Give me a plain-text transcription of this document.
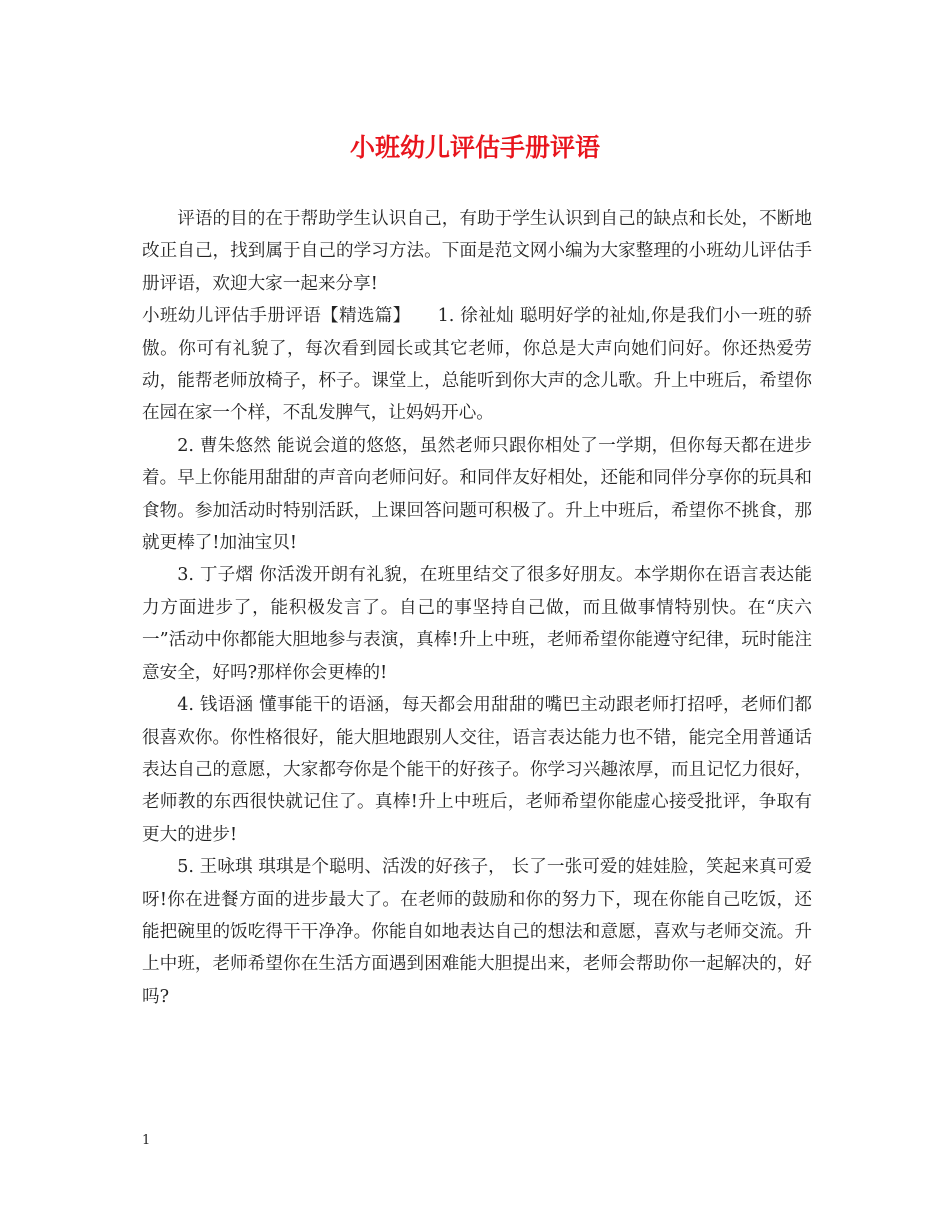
小班幼儿评估手册评语

评语的目的在于帮助学生认识自己，有助于学生认识到自己的缺点和长处，不断地改正自己，找到属于自己的学习方法。下面是范文网小编为大家整理的小班幼儿评估手册评语，欢迎大家一起来分享!

小班幼儿评估手册评语【精选篇】　　1. 徐祉灿 聪明好学的祉灿,你是我们小一班的骄傲。你可有礼貌了，每次看到园长或其它老师，你总是大声向她们问好。你还热爱劳动，能帮老师放椅子，杯子。课堂上，总能听到你大声的念儿歌。升上中班后，希望你在园在家一个样，不乱发脾气，让妈妈开心。

2. 曹朱悠然 能说会道的悠悠，虽然老师只跟你相处了一学期，但你每天都在进步着。早上你能用甜甜的声音向老师问好。和同伴友好相处，还能和同伴分享你的玩具和食物。参加活动时特别活跃，上课回答问题可积极了。升上中班后，希望你不挑食，那就更棒了!加油宝贝!

3. 丁子熠 你活泼开朗有礼貌，在班里结交了很多好朋友。本学期你在语言表达能力方面进步了，能积极发言了。自己的事坚持自己做，而且做事情特别快。在“庆六一”活动中你都能大胆地参与表演，真棒!升上中班，老师希望你能遵守纪律，玩时能注意安全，好吗?那样你会更棒的!

4. 钱语涵 懂事能干的语涵，每天都会用甜甜的嘴巴主动跟老师打招呼，老师们都很喜欢你。你性格很好，能大胆地跟别人交往，语言表达能力也不错，能完全用普通话表达自己的意愿，大家都夸你是个能干的好孩子。你学习兴趣浓厚，而且记忆力很好，老师教的东西很快就记住了。真棒!升上中班后，老师希望你能虚心接受批评，争取有更大的进步!

5. 王咏琪 琪琪是个聪明、活泼的好孩子， 长了一张可爱的娃娃脸，笑起来真可爱呀!你在进餐方面的进步最大了。在老师的鼓励和你的努力下，现在你能自己吃饭，还能把碗里的饭吃得干干净净。你能自如地表达自己的想法和意愿，喜欢与老师交流。升上中班，老师希望你在生活方面遇到困难能大胆提出来，老师会帮助你一起解决的，好吗?

1
